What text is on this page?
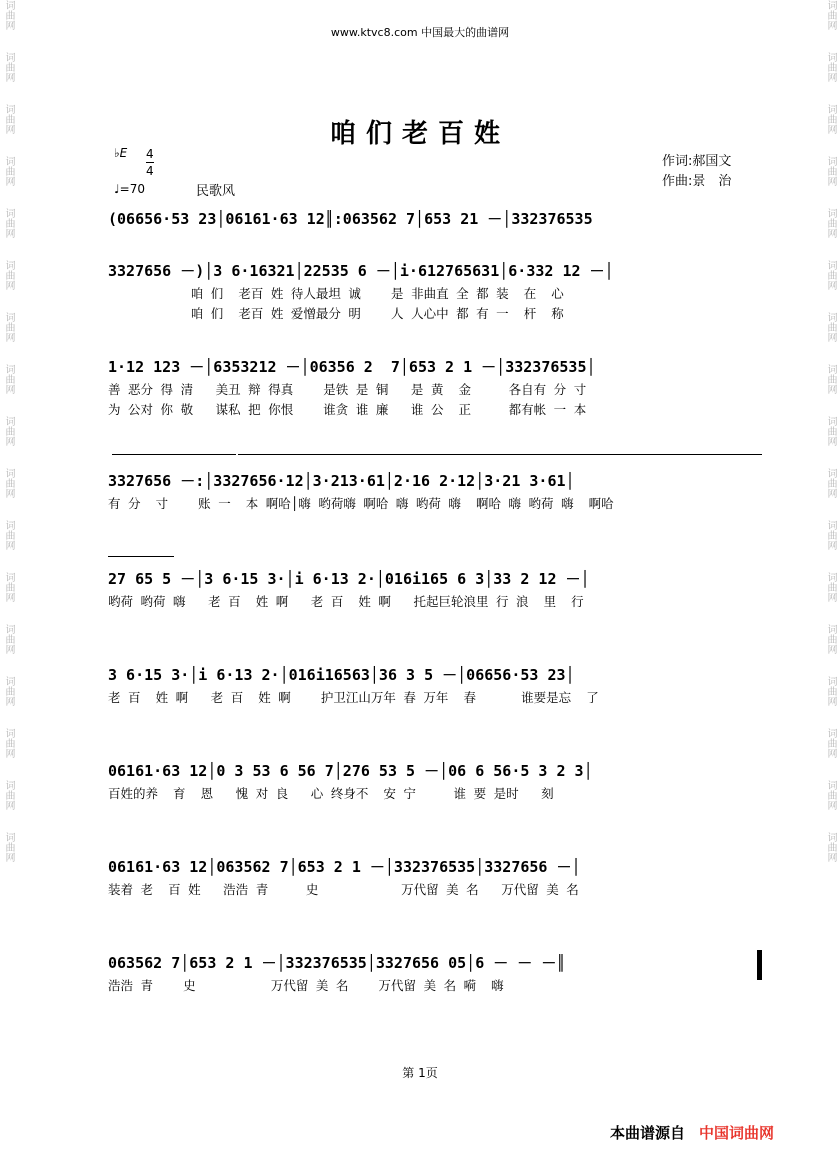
词曲网
词曲网
词曲网
词曲网
词曲网
词曲网
词曲网
词曲网
词曲网
词曲网
词曲网
词曲网
词曲网
词曲网
词曲网
词曲网
词曲网
词曲网
词曲网
词曲网
词曲网
词曲网
词曲网
词曲网
词曲网
词曲网
词曲网
词曲网
词曲网
词曲网
词曲网
词曲网
词曲网
词曲网
www.ktvc8.com 中国最大的曲谱网
咱们老百姓
♭E $\frac{4}{4}$
♩=70	民歌风
作词:郝国文
作曲:景　治
(06656·53 23│06161·63 12║:063562 7│653 21 －│332376535
3327656 －)│3 6·16321│22535 6 －│i·612765631│6·332 12 －│
咱 们  老百 姓 待人最坦 诚    是 非曲直 全 都 装  在  心
咱 们  老百 姓 爱憎最分 明    人 人心中 都 有 一  杆  称
1·12 123 －│6353212 －│06356 2  7│653 2 1 －│332376535│
善 恶分 得 清   美丑 辩 得真    是铁 是 铜   是 黄  金     各自有 分 寸
为 公对 你 敬   谋私 把 你恨    谁贪 谁 廉   谁 公  正     都有帐 一 本
3327656 －:│3327656·12│3·213·61│2·16 2·12│3·21 3·61│
有 分  寸    账 一  本 啊哈│嗨 哟荷嗨 啊哈 嗨 哟荷 嗨  啊哈 嗨 哟荷 嗨  啊哈
27 65 5 －│3 6·15 3·│i 6·13 2·│016i165 6 3│33 2 12 －│
哟荷 哟荷 嗨   老 百  姓 啊   老 百  姓 啊   托起巨轮浪里 行 浪  里  行
3 6·15 3·│i 6·13 2·│016i16563│36 3 5 －│06656·53 23│
老 百  姓 啊   老 百  姓 啊    护卫江山万年 春 万年  春      谁要是忘  了
06161·63 12│0 3 53 6 56 7│276 53 5 －│06 6 56·5 3 2 3│
百姓的养  育  恩   愧 对 良   心 终身不  安 宁     谁 要 是时   刻
06161·63 12│063562 7│653 2 1 －│332376535│3327656 －│
装着 老  百 姓   浩浩 青     史           万代留 美 名   万代留 美 名
063562 7│653 2 1 －│332376535│3327656 05│6 － － －║
浩浩 青    史          万代留 美 名    万代留 美 名 嗬  嗨
第 1页
本曲谱源自 中国词曲网
